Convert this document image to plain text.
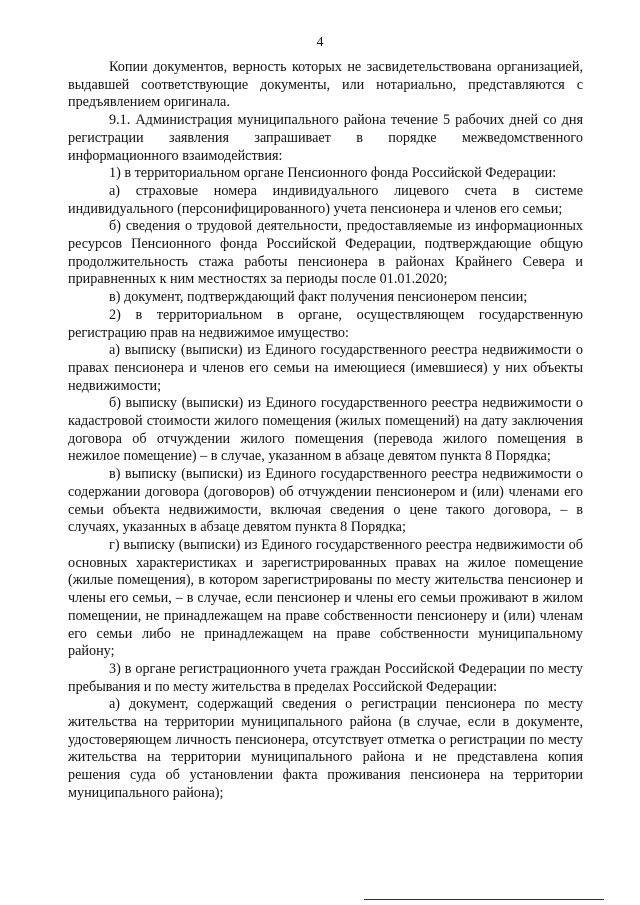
4

Копии документов, верность которых не засвидетельствована организацией, выдавшей соответствующие документы, или нотариально, представляются с предъявлением оригинала.

9.1. Администрация муниципального района течение 5 рабочих дней со дня регистрации заявления запрашивает в порядке межведомственного информационного взаимодействия:

1) в территориальном органе Пенсионного фонда Российской Федерации:

а) страховые номера индивидуального лицевого счета в системе индивидуального (персонифицированного) учета пенсионера и членов его семьи;

б) сведения о трудовой деятельности, предоставляемые из информационных ресурсов Пенсионного фонда Российской Федерации, подтверждающие общую продолжительность стажа работы пенсионера в районах Крайнего Севера и приравненных к ним местностях за периоды после 01.01.2020;

в) документ, подтверждающий факт получения пенсионером пенсии;

2) в территориальном в органе, осуществляющем государственную регистрацию прав на недвижимое имущество:

а) выписку (выписки) из Единого государственного реестра недвижимости о правах пенсионера и членов его семьи на имеющиеся (имевшиеся) у них объекты недвижимости;

б) выписку (выписки) из Единого государственного реестра недвижимости о кадастровой стоимости жилого помещения (жилых помещений) на дату заключения договора об отчуждении жилого помещения (перевода жилого помещения в нежилое помещение) – в случае, указанном в абзаце девятом пункта 8 Порядка;

в) выписку (выписки) из Единого государственного реестра недвижимости о содержании договора (договоров) об отчуждении пенсионером и (или) членами его семьи объекта недвижимости, включая сведения о цене такого договора, – в случаях, указанных в абзаце девятом пункта 8 Порядка;

г) выписку (выписки) из Единого государственного реестра недвижимости об основных характеристиках и зарегистрированных правах на жилое помещение (жилые помещения), в котором зарегистрированы по месту жительства пенсионер и члены его семьи, – в случае, если пенсионер и члены его семьи проживают в жилом помещении, не принадлежащем на праве собственности пенсионеру и (или) членам его семьи либо не принадлежащем на праве собственности муниципальному району;

3) в органе регистрационного учета граждан Российской Федерации по месту пребывания и по месту жительства в пределах Российской Федерации:

а) документ, содержащий сведения о регистрации пенсионера по месту жительства на территории муниципального района (в случае, если в документе, удостоверяющем личность пенсионера, отсутствует отметка о регистрации по месту жительства на территории муниципального района и не представлена копия решения суда об установлении факта проживания пенсионера на территории муниципального района);
